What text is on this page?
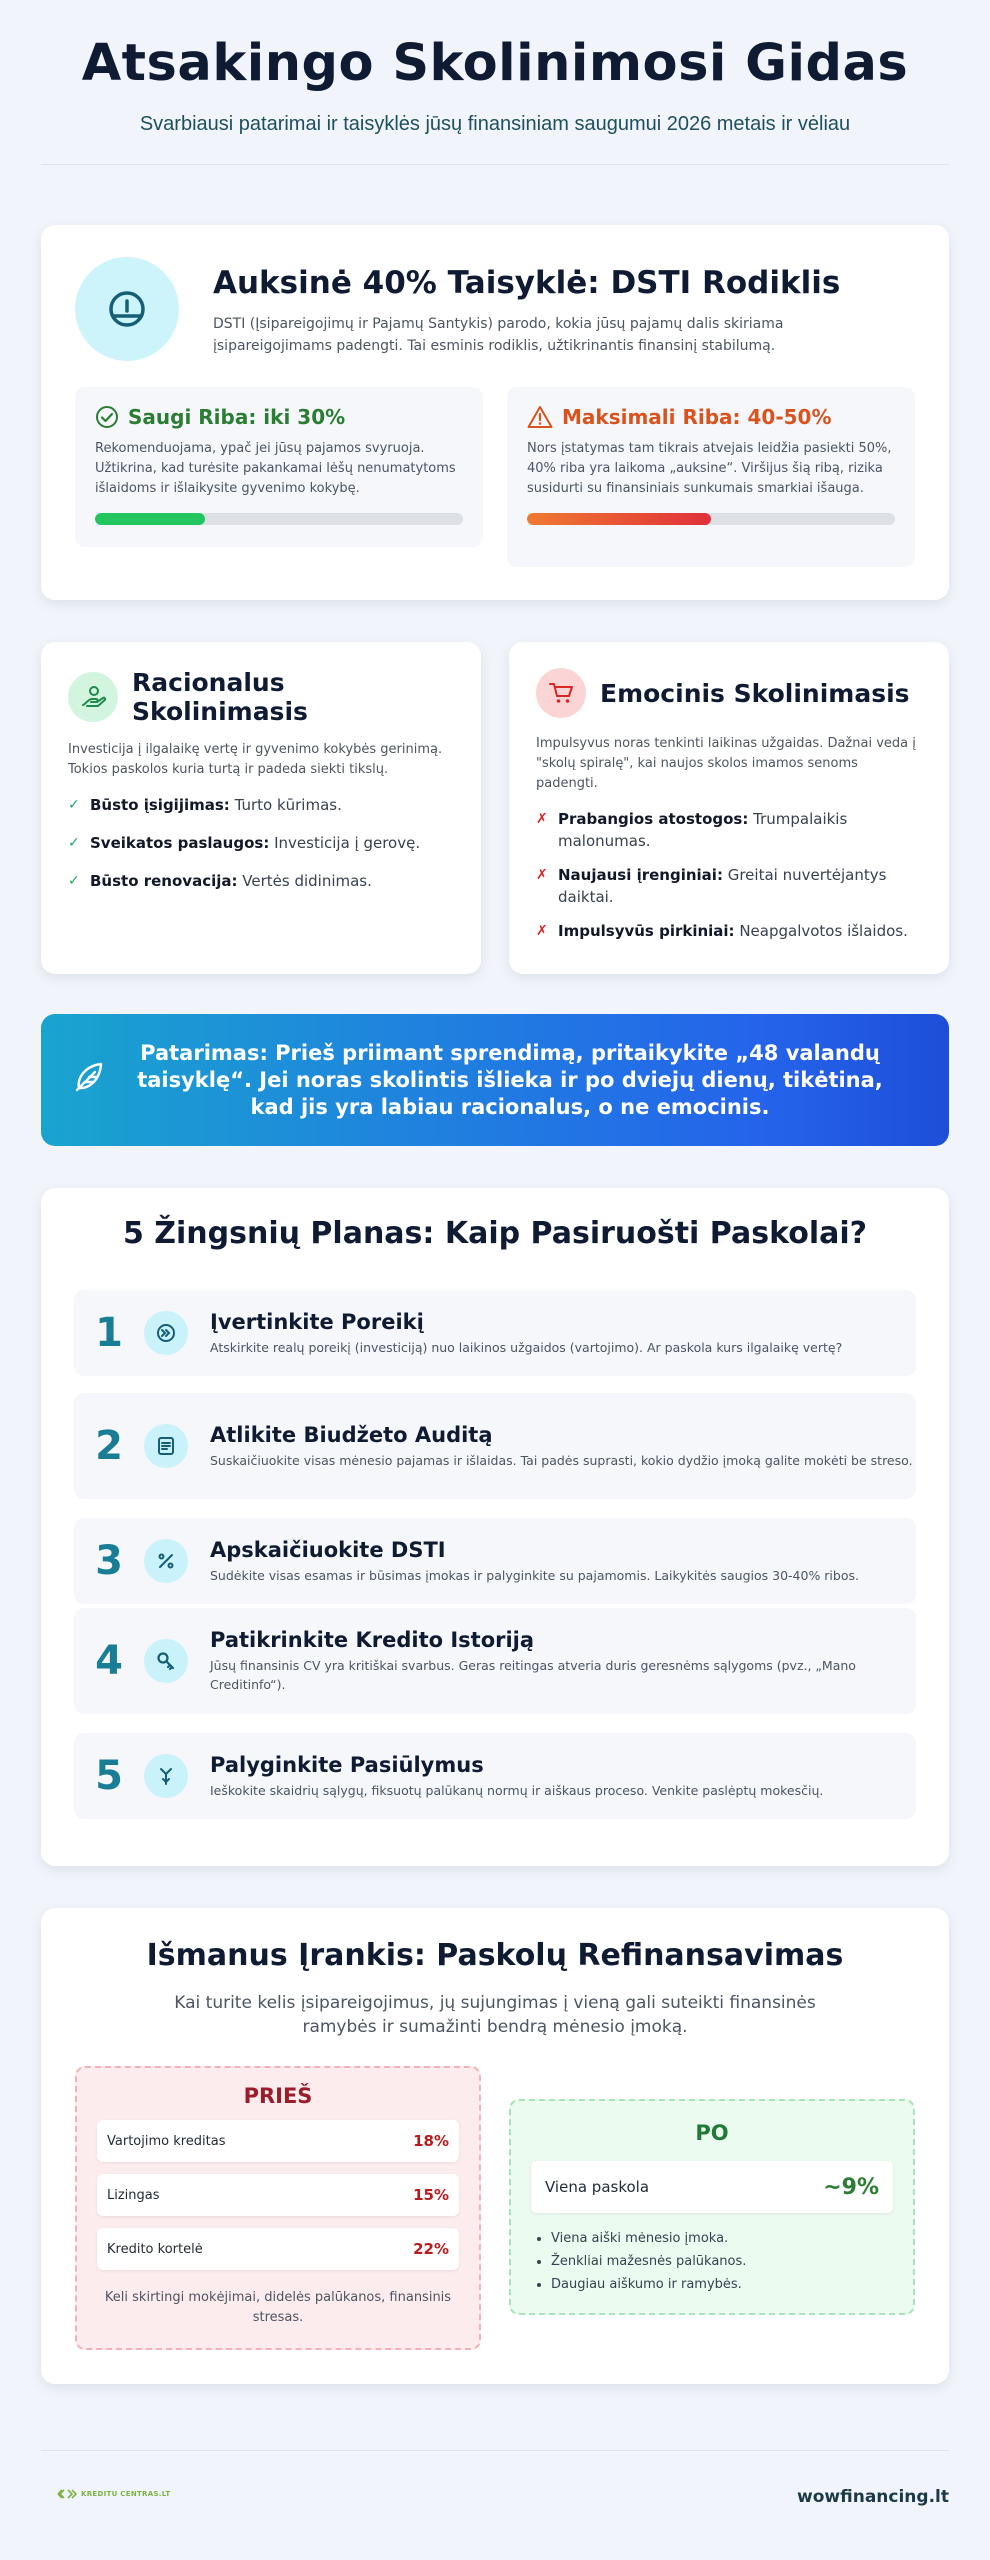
Atsakingo Skolinimosi Gidas

Svarbiausi patarimai ir taisyklės jūsų finansiniam saugumui 2026 metais ir vėliau

Auksinė 40% Taisyklė: DSTI Rodiklis

DSTI (Įsipareigojimų ir Pajamų Santykis) parodo, kokia jūsų pajamų dalis skiriama įsipareigojimams padengti. Tai esminis rodiklis, užtikrinantis finansinį stabilumą.

Saugi Riba: iki 30%

Rekomenduojama, ypač jei jūsų pajamos svyruoja. Užtikrina, kad turėsite pakankamai lėšų nenumatytoms išlaidoms ir išlaikysite gyvenimo kokybę.

Maksimali Riba: 40-50%

Nors įstatymas tam tikrais atvejais leidžia pasiekti 50%, 40% riba yra laikoma „auksine“. Viršijus šią ribą, rizika susidurti su finansiniais sunkumais smarkiai išauga.

Racionalus Skolinimasis

Investicija į ilgalaikę vertę ir gyvenimo kokybės gerinimą. Tokios paskolos kuria turtą ir padeda siekti tikslų.

✓ Būsto įsigijimas: Turto kūrimas.
✓ Sveikatos paslaugos: Investicija į gerovę.
✓ Būsto renovacija: Vertės didinimas.
Emocinis Skolinimasis

Impulsyvus noras tenkinti laikinas užgaidas. Dažnai veda į "skolų spiralę", kai naujos skolos imamos senoms padengti.

✗ Prabangios atostogos: Trumpalaikis malonumas.
✗ Naujausi įrenginiai: Greitai nuvertėjantys daiktai.
✗ Impulsyvūs pirkiniai: Neapgalvotos išlaidos.

Patarimas: Prieš priimant sprendimą, pritaikykite „48 valandų taisyklę“. Jei noras skolintis išlieka ir po dviejų dienų, tikėtina, kad jis yra labiau racionalus, o ne emocinis.

5 Žingsnių Planas: Kaip Pasiruošti Paskolai?
1	Įvertinkite Poreikį
Atskirkite realų poreikį (investiciją) nuo laikinos užgaidos (vartojimo). Ar paskola kurs ilgalaikę vertę?
2	Atlikite Biudžeto Auditą
Suskaičiuokite visas mėnesio pajamas ir išlaidas. Tai padės suprasti, kokio dydžio įmoką galite mokėti be streso.
3	Apskaičiuokite DSTI
Sudėkite visas esamas ir būsimas įmokas ir palyginkite su pajamomis. Laikykitės saugios 30-40% ribos.
4	Patikrinkite Kredito Istoriją
Jūsų finansinis CV yra kritiškai svarbus. Geras reitingas atveria duris geresnėms sąlygoms (pvz., „Mano Creditinfo“).
5	Palyginkite Pasiūlymus
Ieškokite skaidrių sąlygų, fiksuotų palūkanų normų ir aiškaus proceso. Venkite paslėptų mokesčių.
Išmanus Įrankis: Paskolų Refinansavimas

Kai turite kelis įsipareigojimus, jų sujungimas į vieną gali suteikti finansinės ramybės ir sumažinti bendrą mėnesio įmoką.

PRIEŠ
Vartojimo kreditas	18%
Lizingas	15%
Kredito kortelė	22%

Keli skirtingi mokėjimai, didelės palūkanos, finansinis stresas.

PO
Viena paskola	~9%
• Viena aiški mėnesio įmoka.
• Ženkliai mažesnės palūkanos.
• Daugiau aiškumo ir ramybės.
KREDITU CENTRAS.LT	wowfinancing.lt
